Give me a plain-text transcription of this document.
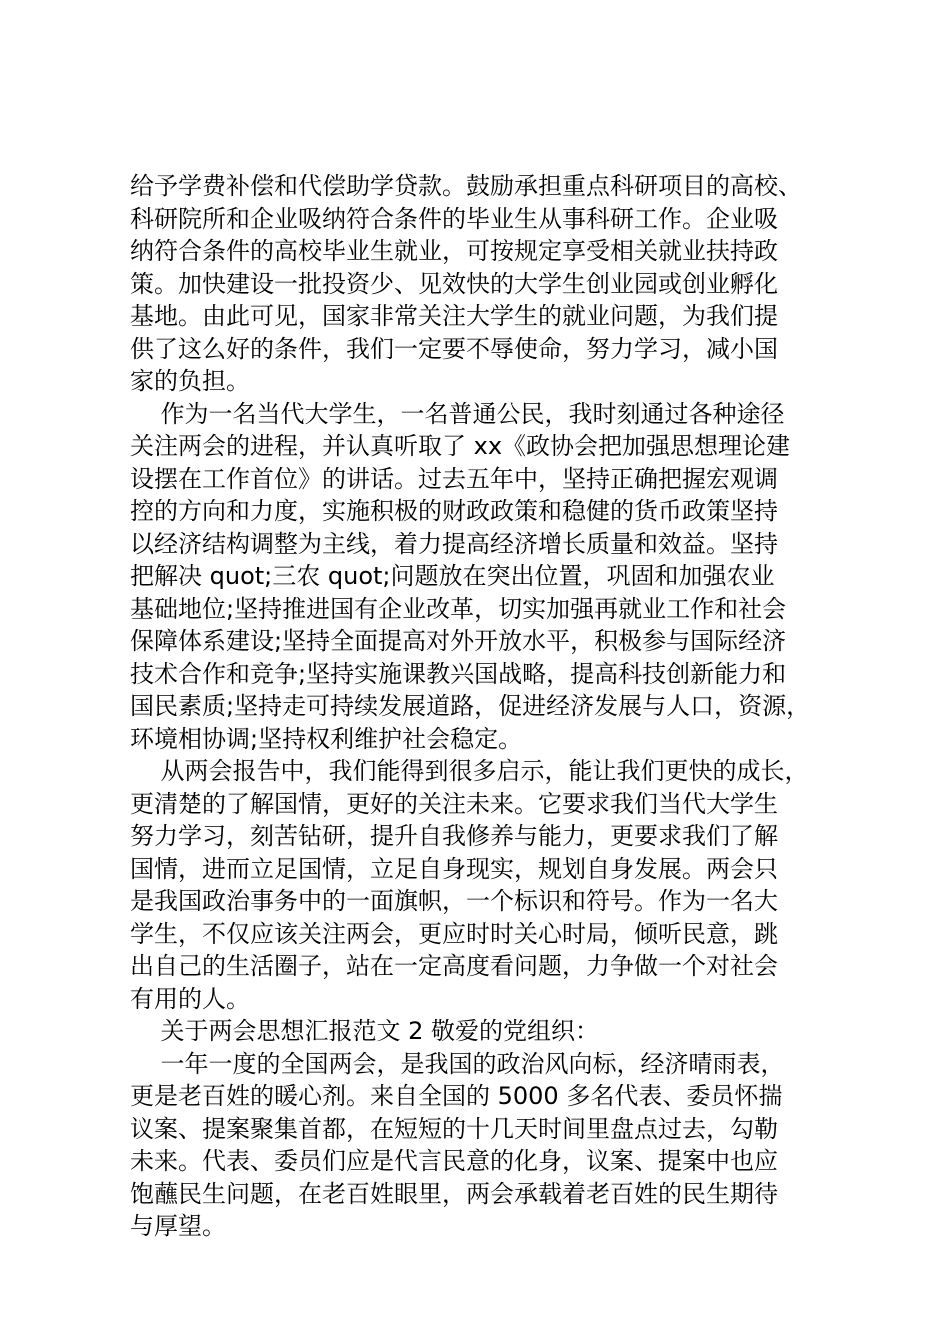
给予学费补偿和代偿助学贷款。鼓励承担重点科研项目的高校、
科研院所和企业吸纳符合条件的毕业生从事科研工作。企业吸
纳符合条件的高校毕业生就业，可按规定享受相关就业扶持政
策。加快建设一批投资少、见效快的大学生创业园或创业孵化
基地。由此可见，国家非常关注大学生的就业问题，为我们提
供了这么好的条件，我们一定要不辱使命，努力学习，减小国
家的负担。
作为一名当代大学生，一名普通公民，我时刻通过各种途径
关注两会的进程，并认真听取了 xx《政协会把加强思想理论建
设摆在工作首位》的讲话。过去五年中，坚持正确把握宏观调
控的方向和力度，实施积极的财政政策和稳健的货币政策坚持
以经济结构调整为主线，着力提高经济增长质量和效益。坚持
把解决 quot;三农 quot;问题放在突出位置，巩固和加强农业
基础地位;坚持推进国有企业改革，切实加强再就业工作和社会
保障体系建设;坚持全面提高对外开放水平，积极参与国际经济
技术合作和竞争;坚持实施课教兴国战略，提高科技创新能力和
国民素质;坚持走可持续发展道路，促进经济发展与人口，资源，
环境相协调;坚持权利维护社会稳定。
从两会报告中，我们能得到很多启示，能让我们更快的成长，
更清楚的了解国情，更好的关注未来。它要求我们当代大学生
努力学习，刻苦钻研，提升自我修养与能力，更要求我们了解
国情，进而立足国情，立足自身现实，规划自身发展。两会只
是我国政治事务中的一面旗帜，一个标识和符号。作为一名大
学生，不仅应该关注两会，更应时时关心时局，倾听民意，跳
出自己的生活圈子，站在一定高度看问题，力争做一个对社会
有用的人。
关于两会思想汇报范文 2 敬爱的党组织：
一年一度的全国两会，是我国的政治风向标，经济晴雨表，
更是老百姓的暖心剂。来自全国的 5000 多名代表、委员怀揣
议案、提案聚集首都，在短短的十几天时间里盘点过去，勾勒
未来。代表、委员们应是代言民意的化身，议案、提案中也应
饱蘸民生问题，在老百姓眼里，两会承载着老百姓的民生期待
与厚望。
